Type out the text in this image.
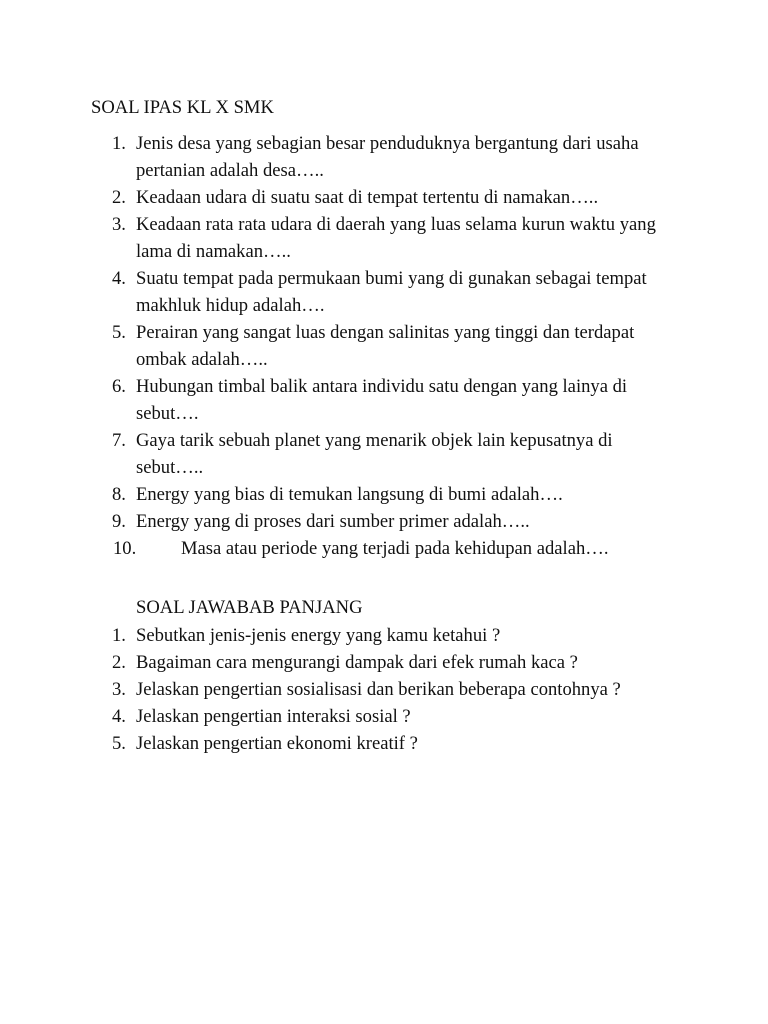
SOAL IPAS KL X SMK
1. Jenis desa yang sebagian besar penduduknya bergantung dari usaha pertanian adalah desa…..
2. Keadaan udara di suatu saat di tempat tertentu di namakan…..
3. Keadaan rata rata udara di daerah yang luas selama kurun waktu yang lama di namakan…..
4. Suatu tempat pada permukaan bumi yang di gunakan sebagai tempat makhluk hidup adalah….
5. Perairan yang sangat luas dengan salinitas yang tinggi dan terdapat ombak adalah…..
6. Hubungan timbal balik antara individu satu dengan yang lainya di sebut….
7. Gaya tarik sebuah planet yang menarik objek lain kepusatnya di sebut…..
8. Energy yang bias di temukan langsung di bumi adalah….
9. Energy yang di proses dari sumber primer adalah…..
10. Masa atau periode yang terjadi pada kehidupan adalah….
SOAL JAWABAB PANJANG
1. Sebutkan jenis-jenis energy yang kamu ketahui ?
2. Bagaiman cara mengurangi dampak dari efek rumah kaca ?
3. Jelaskan pengertian sosialisasi dan berikan beberapa contohnya ?
4. Jelaskan pengertian interaksi sosial ?
5. Jelaskan pengertian ekonomi kreatif ?
